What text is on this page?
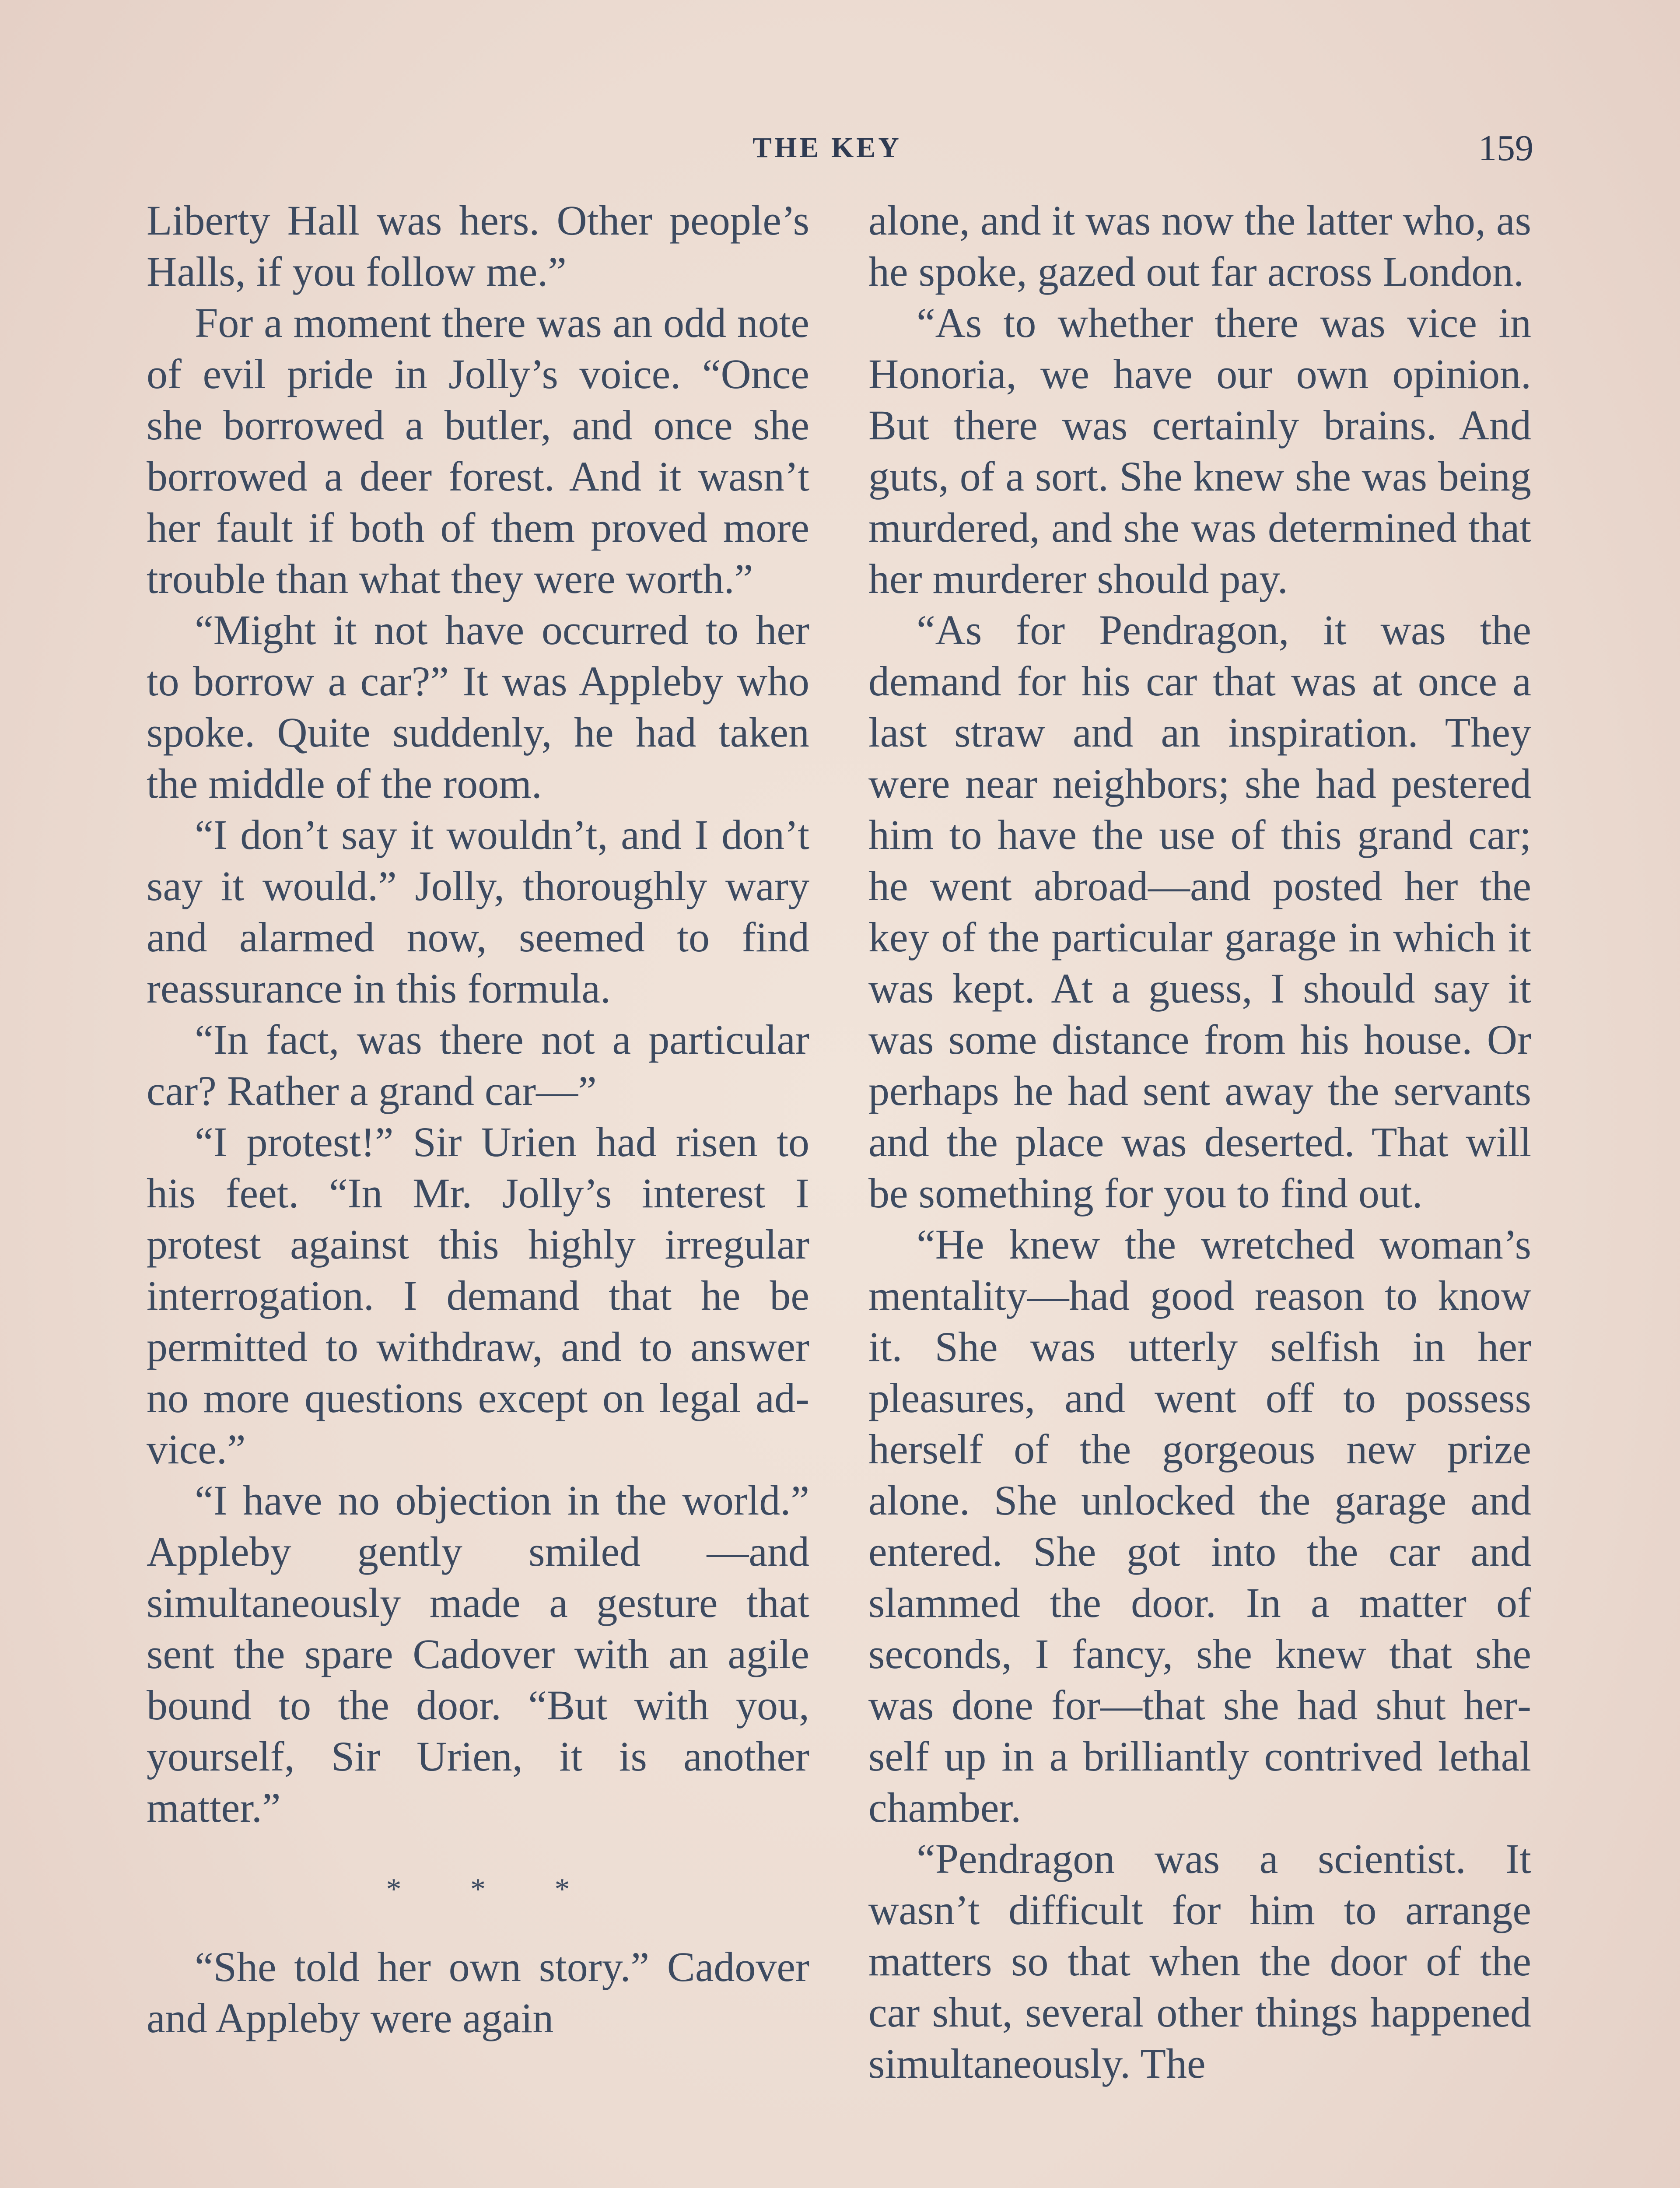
THE KEY	159

Liberty Hall was hers. Other people’s Halls, if you follow me.”

For a moment there was an odd note of evil pride in Jolly’s voice. “Once she borrowed a butler, and once she borrowed a deer forest. And it wasn’t her fault if both of them proved more trouble than what they were worth.”

“Might it not have occurred to her to borrow a car?” It was Appleby who spoke. Quite suddenly, he had taken the middle of the room.

“I don’t say it wouldn’t, and I don’t say it would.” Jolly, thoroughly wary and alarmed now, seemed to find reassurance in this formula.

“In fact, was there not a particular car? Rather a grand car—”

“I protest!” Sir Urien had risen to his feet. “In Mr. Jolly’s interest I protest against this highly irregular interrogation. I demand that he be permitted to withdraw, and to answer no more questions except on legal advice.”

“I have no objection in the world.” Appleby gently smiled —and simultaneously made a gesture that sent the spare Cadover with an agile bound to the door. “But with you, yourself, Sir Urien, it is another matter.”

* * *

“She told her own story.” Cadover and Appleby were again

alone, and it was now the latter who, as he spoke, gazed out far across London.

“As to whether there was vice in Honoria, we have our own opinion. But there was certainly brains. And guts, of a sort. She knew she was being murdered, and she was determined that her murderer should pay.

“As for Pendragon, it was the demand for his car that was at once a last straw and an inspiration. They were near neighbors; she had pestered him to have the use of this grand car; he went abroad—and posted her the key of the particular garage in which it was kept. At a guess, I should say it was some distance from his house. Or perhaps he had sent away the servants and the place was deserted. That will be something for you to find out.

“He knew the wretched woman’s mentality—had good reason to know it. She was utterly selfish in her pleasures, and went off to possess herself of the gorgeous new prize alone. She unlocked the garage and entered. She got into the car and slammed the door. In a matter of seconds, I fancy, she knew that she was done for—that she had shut herself up in a brilliantly contrived lethal chamber.

“Pendragon was a scientist. It wasn’t difficult for him to arrange matters so that when the door of the car shut, several other things happened simultaneously. The
